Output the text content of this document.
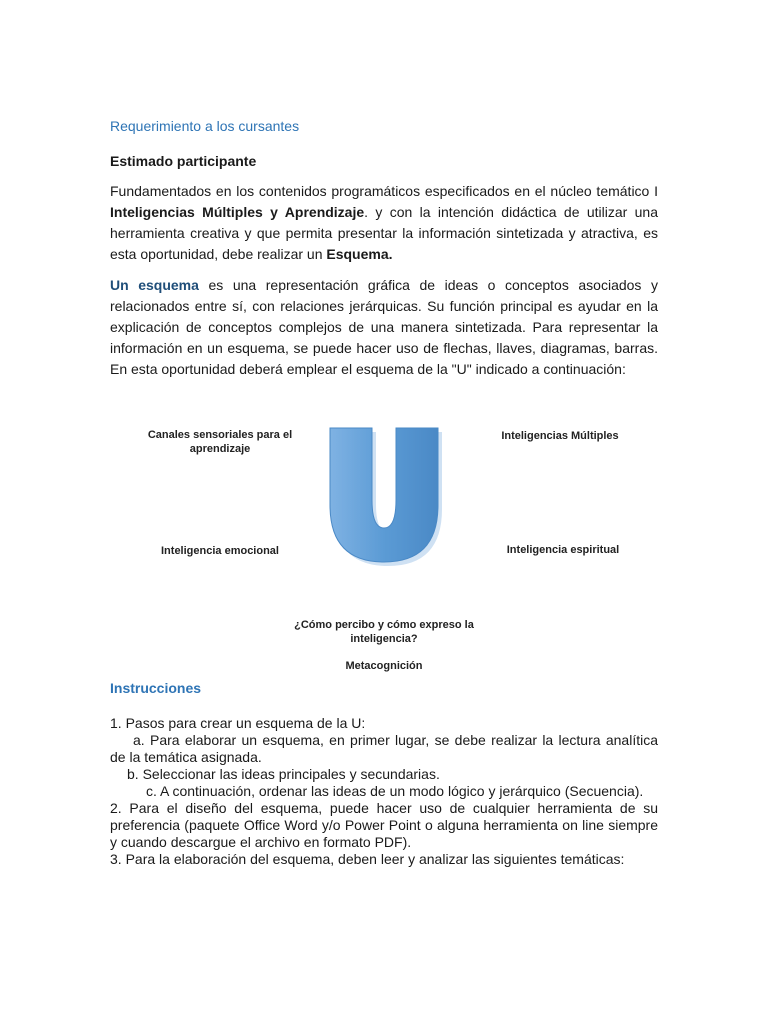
Requerimiento a los cursantes

Estimado participante

Fundamentados en los contenidos programáticos especificados en el núcleo temático I Inteligencias Múltiples y Aprendizaje. y con la intención didáctica de utilizar una herramienta creativa y que permita presentar la información sintetizada y atractiva, es esta oportunidad, debe realizar un Esquema.

Un esquema es una representación gráfica de ideas o conceptos asociados y relacionados entre sí, con relaciones jerárquicas. Su función principal es ayudar en la explicación de conceptos complejos de una manera sintetizada. Para representar la información en un esquema, se puede hacer uso de flechas, llaves, diagramas, barras. En esta oportunidad deberá emplear el esquema de la "U" indicado a continuación:

Canales sensoriales para el aprendizaje
Inteligencias Múltiples
Inteligencia emocional	Inteligencia espiritual
¿Cómo percibo y cómo expreso la inteligencia?
Metacognición

Instrucciones

1. Pasos para crear un esquema de la U:

a. Para elaborar un esquema, en primer lugar, se debe realizar la lectura analítica de la temática asignada.

b. Seleccionar las ideas principales y secundarias.

c. A continuación, ordenar las ideas de un modo lógico y jerárquico (Secuencia).

2. Para el diseño del esquema, puede hacer uso de cualquier herramienta de su preferencia (paquete Office Word y/o Power Point o alguna herramienta on line siempre y cuando descargue el archivo en formato PDF).

3. Para la elaboración del esquema, deben leer y analizar las siguientes temáticas:
